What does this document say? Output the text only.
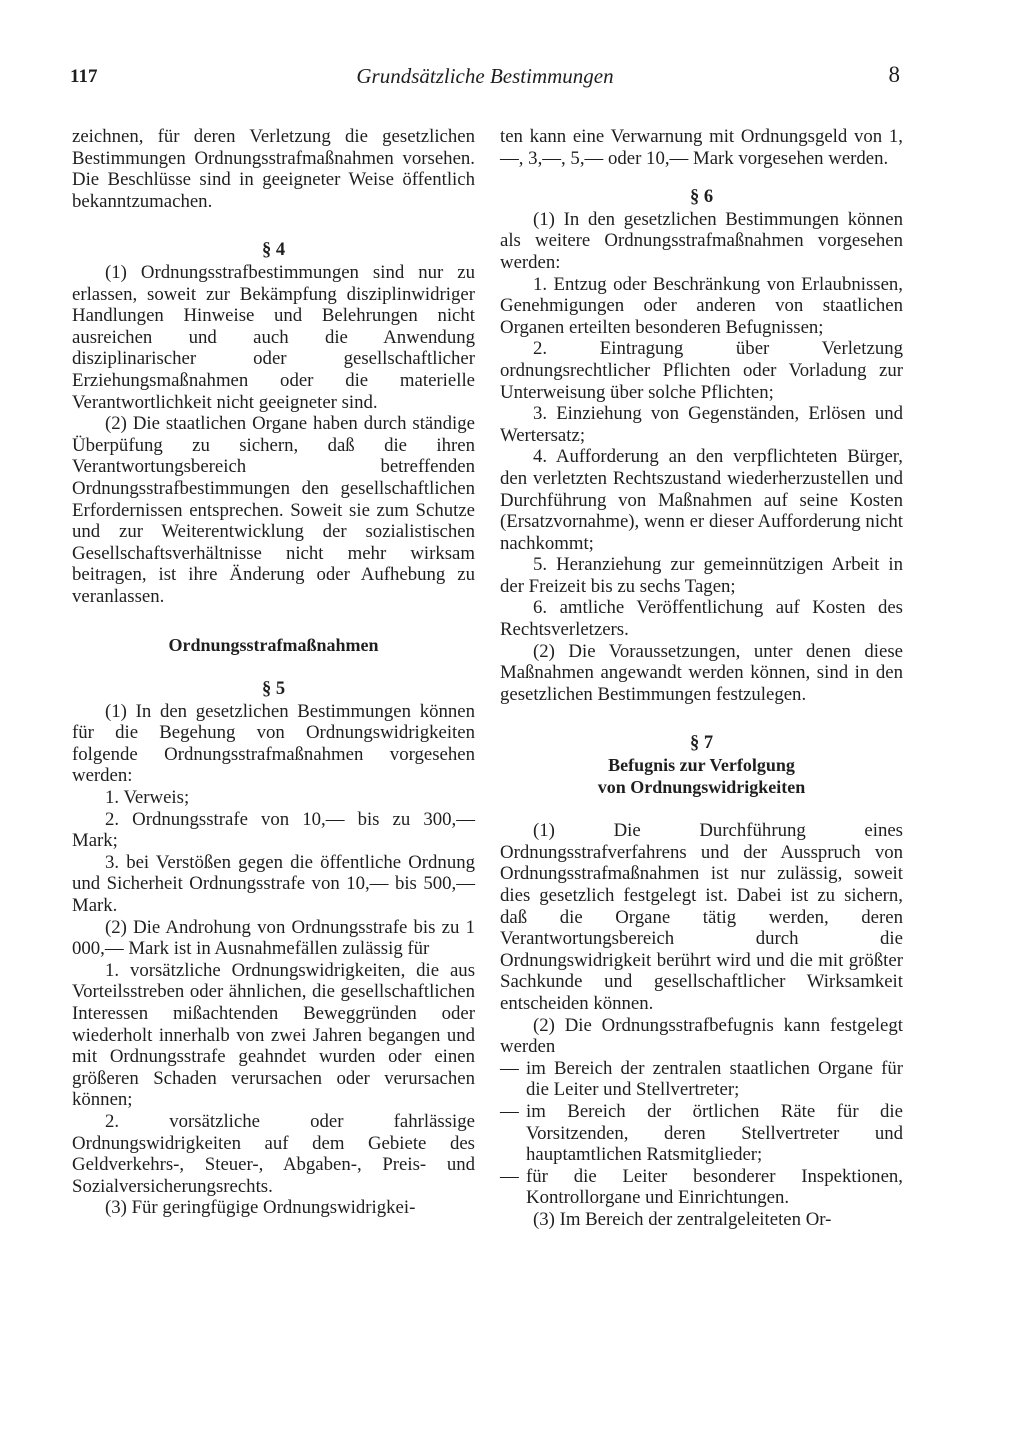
117	Grundsätzliche Bestimmungen	8

zeichnen, für deren Verletzung die gesetzlichen Bestimmungen Ordnungsstrafmaßnahmen vorsehen. Die Beschlüsse sind in geeigneter Weise öffentlich bekanntzumachen.

§ 4

(1) Ordnungsstrafbestimmungen sind nur zu erlassen, soweit zur Bekämpfung disziplinwidriger Handlungen Hinweise und Belehrungen nicht ausreichen und auch die Anwendung disziplinarischer oder gesellschaftlicher Erziehungsmaßnahmen oder die materielle Verantwortlichkeit nicht geeigneter sind.

(2) Die staatlichen Organe haben durch ständige Überpüfung zu sichern, daß die ihren Verantwortungsbereich betreffenden Ordnungsstrafbestimmungen den gesellschaftlichen Erfordernissen entsprechen. Soweit sie zum Schutze und zur Weiterentwicklung der sozialistischen Gesellschaftsverhältnisse nicht mehr wirksam beitragen, ist ihre Änderung oder Aufhebung zu veranlassen.

Ordnungsstrafmaßnahmen

§ 5

(1) In den gesetzlichen Bestimmungen können für die Begehung von Ordnungswidrigkeiten folgende Ordnungsstrafmaßnahmen vorgesehen werden:

1. Verweis;

2. Ordnungsstrafe von 10,— bis zu 300,— Mark;

3. bei Verstößen gegen die öffentliche Ordnung und Sicherheit Ordnungsstrafe von 10,— bis 500,— Mark.

(2) Die Androhung von Ordnungsstrafe bis zu 1 000,— Mark ist in Ausnahmefällen zulässig für

1. vorsätzliche Ordnungswidrigkeiten, die aus Vorteilsstreben oder ähnlichen, die gesellschaftlichen Interessen mißachtenden Beweggründen oder wiederholt innerhalb von zwei Jahren begangen und mit Ordnungsstrafe geahndet wurden oder einen größeren Schaden verursachen oder verursachen können;

2. vorsätzliche oder fahrlässige Ordnungswidrigkeiten auf dem Gebiete des Geldverkehrs-, Steuer-, Abgaben-, Preis- und Sozialversicherungsrechts.

(3) Für geringfügige Ordnungswidrigkei-

ten kann eine Verwarnung mit Ordnungsgeld von 1,—, 3,—, 5,— oder 10,— Mark vorgesehen werden.

§ 6

(1) In den gesetzlichen Bestimmungen können als weitere Ordnungsstrafmaßnahmen vorgesehen werden:

1. Entzug oder Beschränkung von Erlaubnissen, Genehmigungen oder anderen von staatlichen Organen erteilten besonderen Befugnissen;

2. Eintragung über Verletzung ordnungsrechtlicher Pflichten oder Vorladung zur Unterweisung über solche Pflichten;

3. Einziehung von Gegenständen, Erlösen und Wertersatz;

4. Aufforderung an den verpflichteten Bürger, den verletzten Rechtszustand wiederherzustellen und Durchführung von Maßnahmen auf seine Kosten (Ersatzvornahme), wenn er dieser Aufforderung nicht nachkommt;

5. Heranziehung zur gemeinnützigen Arbeit in der Freizeit bis zu sechs Tagen;

6. amtliche Veröffentlichung auf Kosten des Rechtsverletzers.

(2) Die Voraussetzungen, unter denen diese Maßnahmen angewandt werden können, sind in den gesetzlichen Bestimmungen festzulegen.

§ 7

Befugnis zur Verfolgung

von Ordnungswidrigkeiten

(1) Die Durchführung eines Ordnungsstrafverfahrens und der Ausspruch von Ordnungsstrafmaßnahmen ist nur zulässig, soweit dies gesetzlich festgelegt ist. Dabei ist zu sichern, daß die Organe tätig werden, deren Verantwortungsbereich durch die Ordnungswidrigkeit berührt wird und die mit größter Sachkunde und gesellschaftlicher Wirksamkeit entscheiden können.

(2) Die Ordnungsstrafbefugnis kann festgelegt werden

— im Bereich der zentralen staatlichen Organe für die Leiter und Stellvertreter;
— im Bereich der örtlichen Räte für die Vorsitzenden, deren Stellvertreter und hauptamtlichen Ratsmitglieder;
— für die Leiter besonderer Inspektionen, Kontrollorgane und Einrichtungen.

(3) Im Bereich der zentralgeleiteten Or-
